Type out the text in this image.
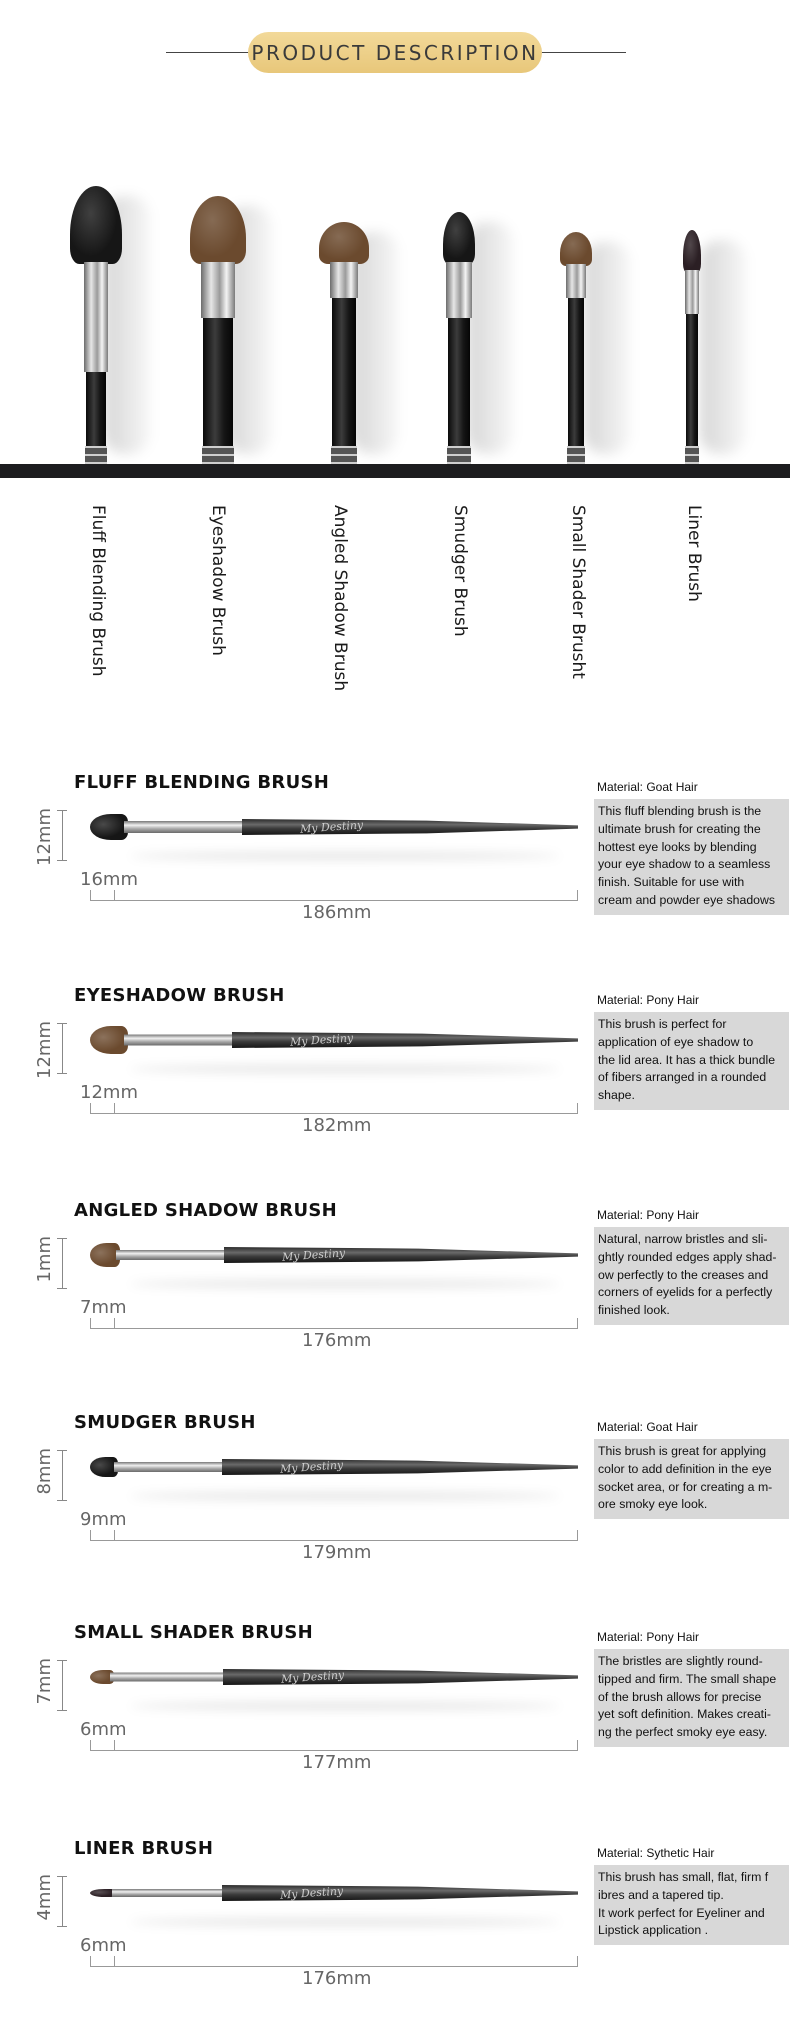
PRODUCT DESCRIPTION
Fluff Blending Brush	Eyeshadow Brush	Angled Shadow Brush	Smudger Brush	Small Shader Brusht	Liner Brush
FLUFF BLENDING BRUSH	Material: Goat Hair
This fluff blending brush is the
ultimate brush for creating the
hottest eye looks by blending
your eye shadow to a seamless
finish. Suitable for use with
cream and powder eye shadows
My Destiny
12mm
16mm
186mm
EYESHADOW BRUSH	Material: Pony Hair
This brush is perfect for
application of eye shadow to
the lid area. It has a thick bundle
of fibers arranged in a rounded
shape.
My Destiny
12mm
12mm
182mm
ANGLED SHADOW BRUSH	Material: Pony Hair
Natural, narrow bristles and sli-
ghtly rounded edges apply shad-
ow perfectly to the creases and
corners of eyelids for a perfectly
finished look.
My Destiny
1mm
7mm
176mm
SMUDGER BRUSH	Material: Goat Hair
This brush is great for applying
color to add definition in the eye
socket area, or for creating a m-
ore smoky eye look.
My Destiny
8mm
9mm
179mm
SMALL SHADER BRUSH	Material: Pony Hair
The bristles are slightly round-
tipped and firm. The small shape
of the brush allows for precise
yet soft definition. Makes creati-
ng the perfect smoky eye easy.
My Destiny
7mm
6mm
177mm
LINER BRUSH	Material: Sythetic Hair
This brush has small, flat, firm f
ibres and a tapered tip.
It work perfect for Eyeliner and
Lipstick application .
My Destiny
4mm
6mm
176mm
